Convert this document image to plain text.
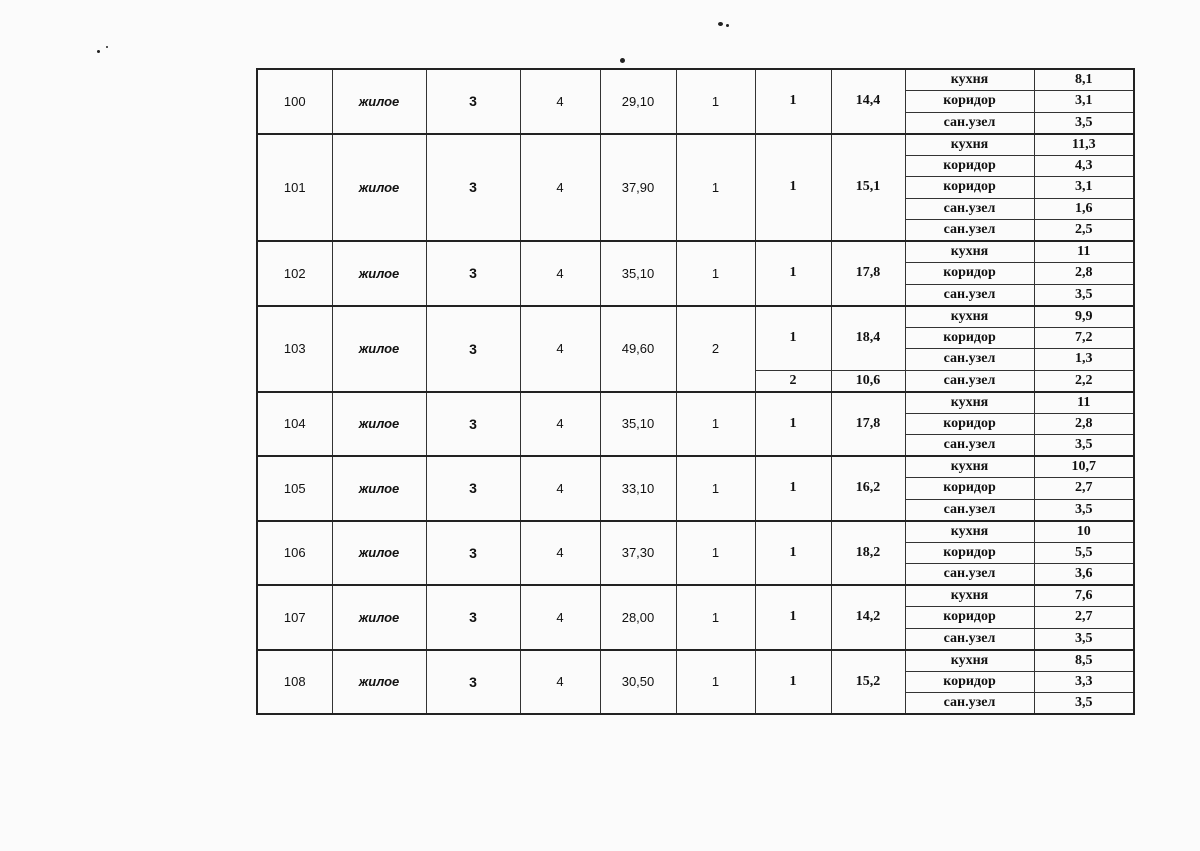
100	жилое	3	4	29,10	1	1	14,4	кухня	8,1
								коридор	3,1
								сан.узел	3,5
101	жилое	3	4	37,90	1	1	15,1	кухня	11,3
								коридор	4,3
								коридор	3,1
								сан.узел	1,6
								сан.узел	2,5
102	жилое	3	4	35,10	1	1	17,8	кухня	11
								коридор	2,8
								сан.узел	3,5
103	жилое	3	4	49,60	2	1	18,4	кухня	9,9
								коридор	7,2
								сан.узел	1,3
						2	10,6	сан.узел	2,2
104	жилое	3	4	35,10	1	1	17,8	кухня	11
								коридор	2,8
								сан.узел	3,5
105	жилое	3	4	33,10	1	1	16,2	кухня	10,7
								коридор	2,7
								сан.узел	3,5
106	жилое	3	4	37,30	1	1	18,2	кухня	10
								коридор	5,5
								сан.узел	3,6
107	жилое	3	4	28,00	1	1	14,2	кухня	7,6
								коридор	2,7
								сан.узел	3,5
108	жилое	3	4	30,50	1	1	15,2	кухня	8,5
								коридор	3,3
								сан.узел	3,5
